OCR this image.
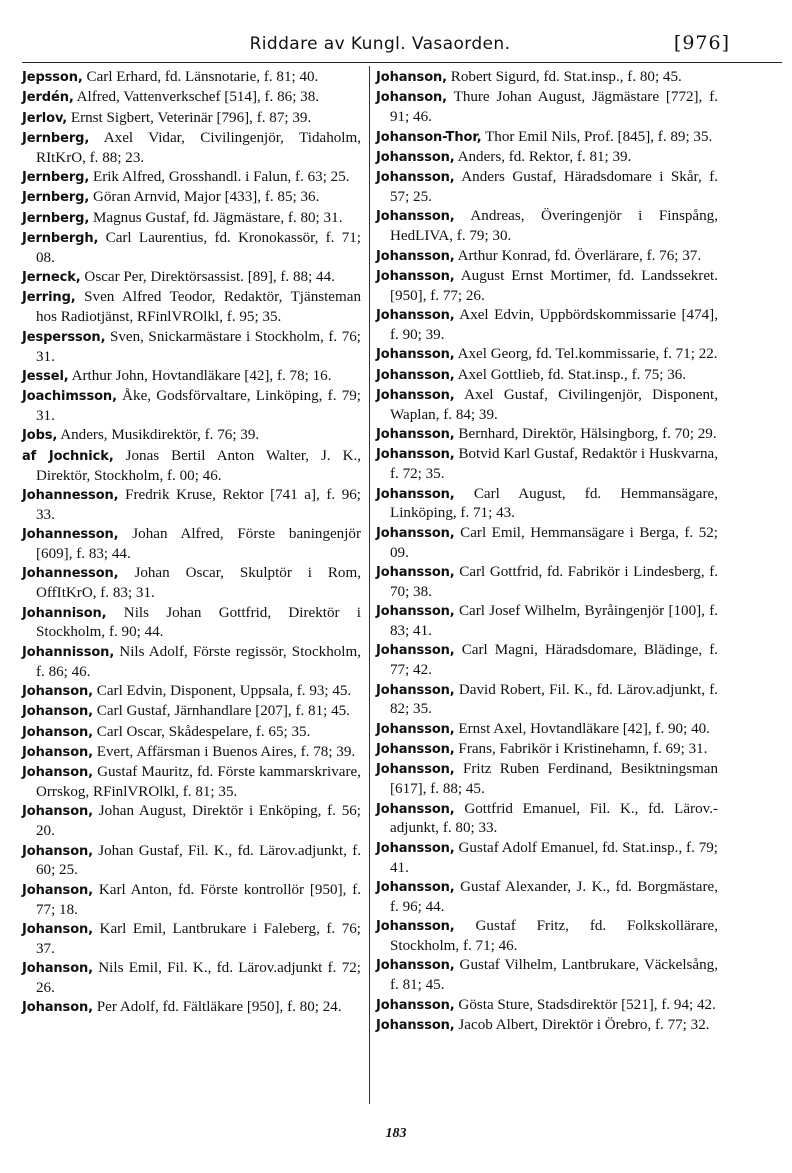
Riddare av Kungl. Vasaorden.	[976]

Jepsson, Carl Erhard, fd. Länsnotarie, f. 81; 40.

Jerdén, Alfred, Vattenverkschef [514], f. 86; 38.

Jerlov, Ernst Sigbert, Veterinär [796], f. 87; 39.

Jernberg, Axel Vidar, Civilingenjör, Tidaholm, RItKrO, f. 88; 23.

Jernberg, Erik Alfred, Grosshandl. i Falun, f. 63; 25.

Jernberg, Göran Arnvid, Major [433], f. 85; 36.

Jernberg, Magnus Gustaf, fd. Jägmästare, f. 80; 31.

Jernbergh, Carl Laurentius, fd. Kronokassör, f. 71; 08.

Jerneck, Oscar Per, Direktörsassist. [89], f. 88; 44.

Jerring, Sven Alfred Teodor, Redaktör, Tjänsteman hos Radiotjänst, RFinlVROlkl, f. 95; 35.

Jespersson, Sven, Snickarmästare i Stockholm, f. 76; 31.

Jessel, Arthur John, Hovtandläkare [42], f. 78; 16.

Joachimsson, Åke, Godsförvaltare, Linköping, f. 79; 31.

Jobs, Anders, Musikdirektör, f. 76; 39.

af Jochnick, Jonas Bertil Anton Walter, J. K., Direktör, Stockholm, f. 00; 46.

Johannesson, Fredrik Kruse, Rektor [741 a], f. 96; 33.

Johannesson, Johan Alfred, Förste baningenjör [609], f. 83; 44.

Johannesson, Johan Oscar, Skulptör i Rom, OffItKrO, f. 83; 31.

Johannison, Nils Johan Gottfrid, Direktör i Stockholm, f. 90; 44.

Johannisson, Nils Adolf, Förste regissör, Stockholm, f. 86; 46.

Johanson, Carl Edvin, Disponent, Uppsala, f. 93; 45.

Johanson, Carl Gustaf, Järnhandlare [207], f. 81; 45.

Johanson, Carl Oscar, Skådespelare, f. 65; 35.

Johanson, Evert, Affärsman i Buenos Aires, f. 78; 39.

Johanson, Gustaf Mauritz, fd. Förste kammarskrivare, Orrskog, RFinlVROlkl, f. 81; 35.

Johanson, Johan August, Direktör i Enköping, f. 56; 20.

Johanson, Johan Gustaf, Fil. K., fd. Lärov.adjunkt, f. 60; 25.

Johanson, Karl Anton, fd. Förste kontrollör [950], f. 77; 18.

Johanson, Karl Emil, Lantbrukare i Faleberg, f. 76; 37.

Johanson, Nils Emil, Fil. K., fd. Lärov.adjunkt f. 72; 26.

Johanson, Per Adolf, fd. Fältläkare [950], f. 80; 24.

Johanson, Robert Sigurd, fd. Stat.insp., f. 80; 45.

Johanson, Thure Johan August, Jägmästare [772], f. 91; 46.

Johanson-Thor, Thor Emil Nils, Prof. [845], f. 89; 35.

Johansson, Anders, fd. Rektor, f. 81; 39.

Johansson, Anders Gustaf, Häradsdomare i Skår, f. 57; 25.

Johansson, Andreas, Överingenjör i Finspång, HedLIVA, f. 79; 30.

Johansson, Arthur Konrad, fd. Överlärare, f. 76; 37.

Johansson, August Ernst Mortimer, fd. Landssekret. [950], f. 77; 26.

Johansson, Axel Edvin, Uppbördskommissarie [474], f. 90; 39.

Johansson, Axel Georg, fd. Tel.kommissarie, f. 71; 22.

Johansson, Axel Gottlieb, fd. Stat.insp., f. 75; 36.

Johansson, Axel Gustaf, Civilingenjör, Disponent, Waplan, f. 84; 39.

Johansson, Bernhard, Direktör, Hälsingborg, f. 70; 29.

Johansson, Botvid Karl Gustaf, Redaktör i Huskvarna, f. 72; 35.

Johansson, Carl August, fd. Hemmansägare, Linköping, f. 71; 43.

Johansson, Carl Emil, Hemmansägare i Berga, f. 52; 09.

Johansson, Carl Gottfrid, fd. Fabrikör i Lindesberg, f. 70; 38.

Johansson, Carl Josef Wilhelm, Byråingenjör [100], f. 83; 41.

Johansson, Carl Magni, Häradsdomare, Blädinge, f. 77; 42.

Johansson, David Robert, Fil. K., fd. Lärov.adjunkt, f. 82; 35.

Johansson, Ernst Axel, Hovtandläkare [42], f. 90; 40.

Johansson, Frans, Fabrikör i Kristinehamn, f. 69; 31.

Johansson, Fritz Ruben Ferdinand, Besiktningsman [617], f. 88; 45.

Johansson, Gottfrid Emanuel, Fil. K., fd. Lärov.adjunkt, f. 80; 33.

Johansson, Gustaf Adolf Emanuel, fd. Stat.insp., f. 79; 41.

Johansson, Gustaf Alexander, J. K., fd. Borgmästare, f. 96; 44.

Johansson, Gustaf Fritz, fd. Folkskollärare, Stockholm, f. 71; 46.

Johansson, Gustaf Vilhelm, Lantbrukare, Väckelsång, f. 81; 45.

Johansson, Gösta Sture, Stadsdirektör [521], f. 94; 42.

Johansson, Jacob Albert, Direktör i Örebro, f. 77; 32.

183
